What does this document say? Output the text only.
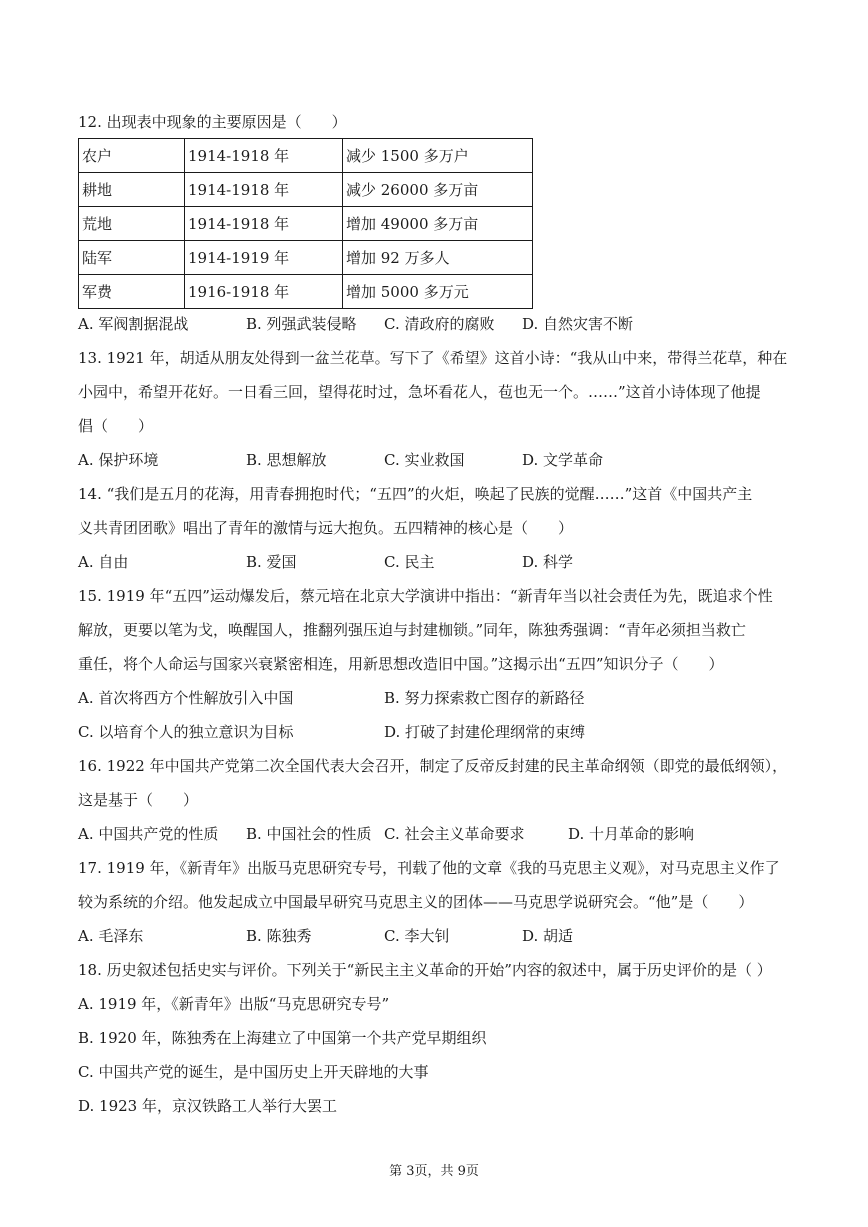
12. 出现表中现象的主要原因是（　　）
农户	1914-1918 年	减少 1500 多万户
耕地	1914-1918 年	减少 26000 多万亩
荒地	1914-1918 年	增加 49000 多万亩
陆军	1914-1919 年	增加 92 万多人
军费	1916-1918 年	增加 5000 多万元
A. 军阀割据混战	B. 列强武装侵略 C. 清政府的腐败 D. 自然灾害不断
13. 1921 年，胡适从朋友处得到一盆兰花草。写下了《希望》这首小诗：“我从山中来，带得兰花草，种在
小园中，希望开花好。一日看三回，望得花时过，急坏看花人，苞也无一个。……”这首小诗体现了他提
倡（　　）
A. 保护环境	B. 思想解放	C. 实业救国	D. 文学革命
14. “我们是五月的花海，用青春拥抱时代；“五四”的火炬，唤起了民族的觉醒……”这首《中国共产主
义共青团团歌》唱出了青年的激情与远大抱负。五四精神的核心是（　　）
A. 自由	B. 爱国	C. 民主	D. 科学
15. 1919 年“五四”运动爆发后，蔡元培在北京大学演讲中指出：“新青年当以社会责任为先，既追求个性
解放，更要以笔为戈，唤醒国人，推翻列强压迫与封建枷锁。”同年，陈独秀强调：“青年必须担当救亡
重任，将个人命运与国家兴衰紧密相连，用新思想改造旧中国。”这揭示出“五四”知识分子（　　）
A. 首次将西方个性解放引入中国	B. 努力探索救亡图存的新路径
C. 以培育个人的独立意识为目标	D. 打破了封建伦理纲常的束缚
16. 1922 年中国共产党第二次全国代表大会召开，制定了反帝反封建的民主革命纲领（即党的最低纲领），
这是基于（　　）
A. 中国共产党的性质 B. 中国社会的性质 C. 社会主义革命要求	D. 十月革命的影响
17. 1919 年，《新青年》出版马克思研究专号，刊载了他的文章《我的马克思主义观》，对马克思主义作了
较为系统的介绍。他发起成立中国最早研究马克思主义的团体——马克思学说研究会。“他”是（　　）
A. 毛泽东	B. 陈独秀	C. 李大钊	D. 胡适
18. 历史叙述包括史实与评价。下列关于“新民主主义革命的开始”内容的叙述中，属于历史评价的是（ ）
A. 1919 年，《新青年》出版“马克思研究专号”
B. 1920 年，陈独秀在上海建立了中国第一个共产党早期组织
C. 中国共产党的诞生，是中国历史上开天辟地的大事
D. 1923 年，京汉铁路工人举行大罢工
第 3页，共 9页
